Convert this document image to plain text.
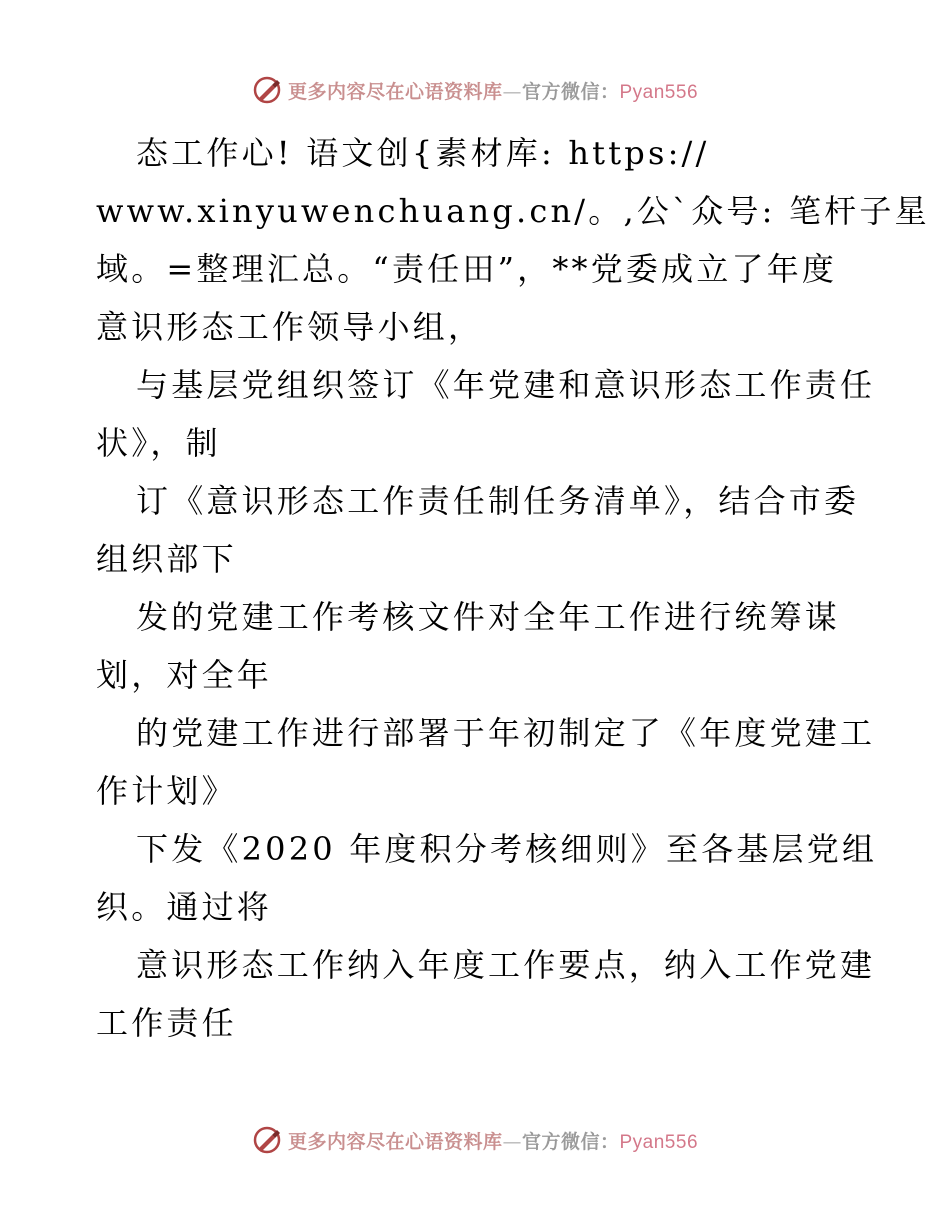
更多内容尽在心语资料库—官方微信：Pyan556
态工作心! 语文创{素材库: https://
www.xinyuwenchuang.cn/。,公`众号: 笔杆子星
域。=整理汇总。“责任田”，**党委成立了年度
意识形态工作领导小组，
与基层党组织签订《年党建和意识形态工作责任
状》，制
订《意识形态工作责任制任务清单》，结合市委
组织部下
发的党建工作考核文件对全年工作进行统筹谋
划，对全年
的党建工作进行部署于年初制定了《年度党建工
作计划》
下发《2020 年度积分考核细则》至各基层党组
织。通过将
意识形态工作纳入年度工作要点，纳入工作党建
工作责任
更多内容尽在心语资料库—官方微信：Pyan556
